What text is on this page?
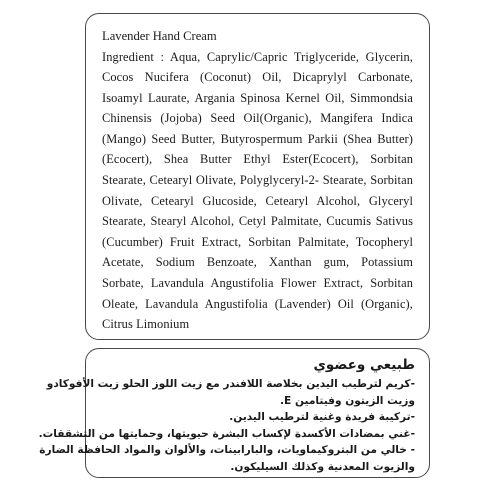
Lavender Hand Cream

Ingredient : Aqua, Caprylic/Capric Triglyceride, Glycerin, Cocos Nucifera (Coconut) Oil, Dicaprylyl Carbonate, Isoamyl Laurate, Argania Spinosa Kernel Oil, Simmondsia Chinensis (Jojoba) Seed Oil(Organic), Mangifera Indica (Mango) Seed Butter, Butyrospermum Parkii (Shea Butter)(Ecocert), Shea Butter Ethyl Ester(Ecocert), Sorbitan Stearate, Cetearyl Olivate, Polyglyceryl-2- Stearate, Sorbitan Olivate, Cetearyl Glucoside, Cetearyl Alcohol, Glyceryl Stearate, Stearyl Alcohol, Cetyl Palmitate, Cucumis Sativus (Cucumber) Fruit Extract, Sorbitan Palmitate, Tocopheryl Acetate, Sodium Benzoate, Xanthan gum, Potassium Sorbate, Lavandula Angustifolia Flower Extract, Sorbitan Oleate, Lavandula Angustifolia (Lavender) Oil (Organic), Citrus Limonium

طبيعي وعضوي

-كريم لترطيب اليدين بخلاصة اللافندر مع زيت اللوز الحلو زيت الأفوكادو

وزيت الزيتون وفيتامين E.

-تركيبة فريدة وغنية لترطيب اليدين.

-غني بمضادات الأكسدة لإكساب البشرة حيويتها، وحمايتها من التشققات.

- خالي من البتروكيماويات، والبارابينات، والألوان والمواد الحافظة الضارة

والزيوت المعدنية وكذلك السيليكون.
